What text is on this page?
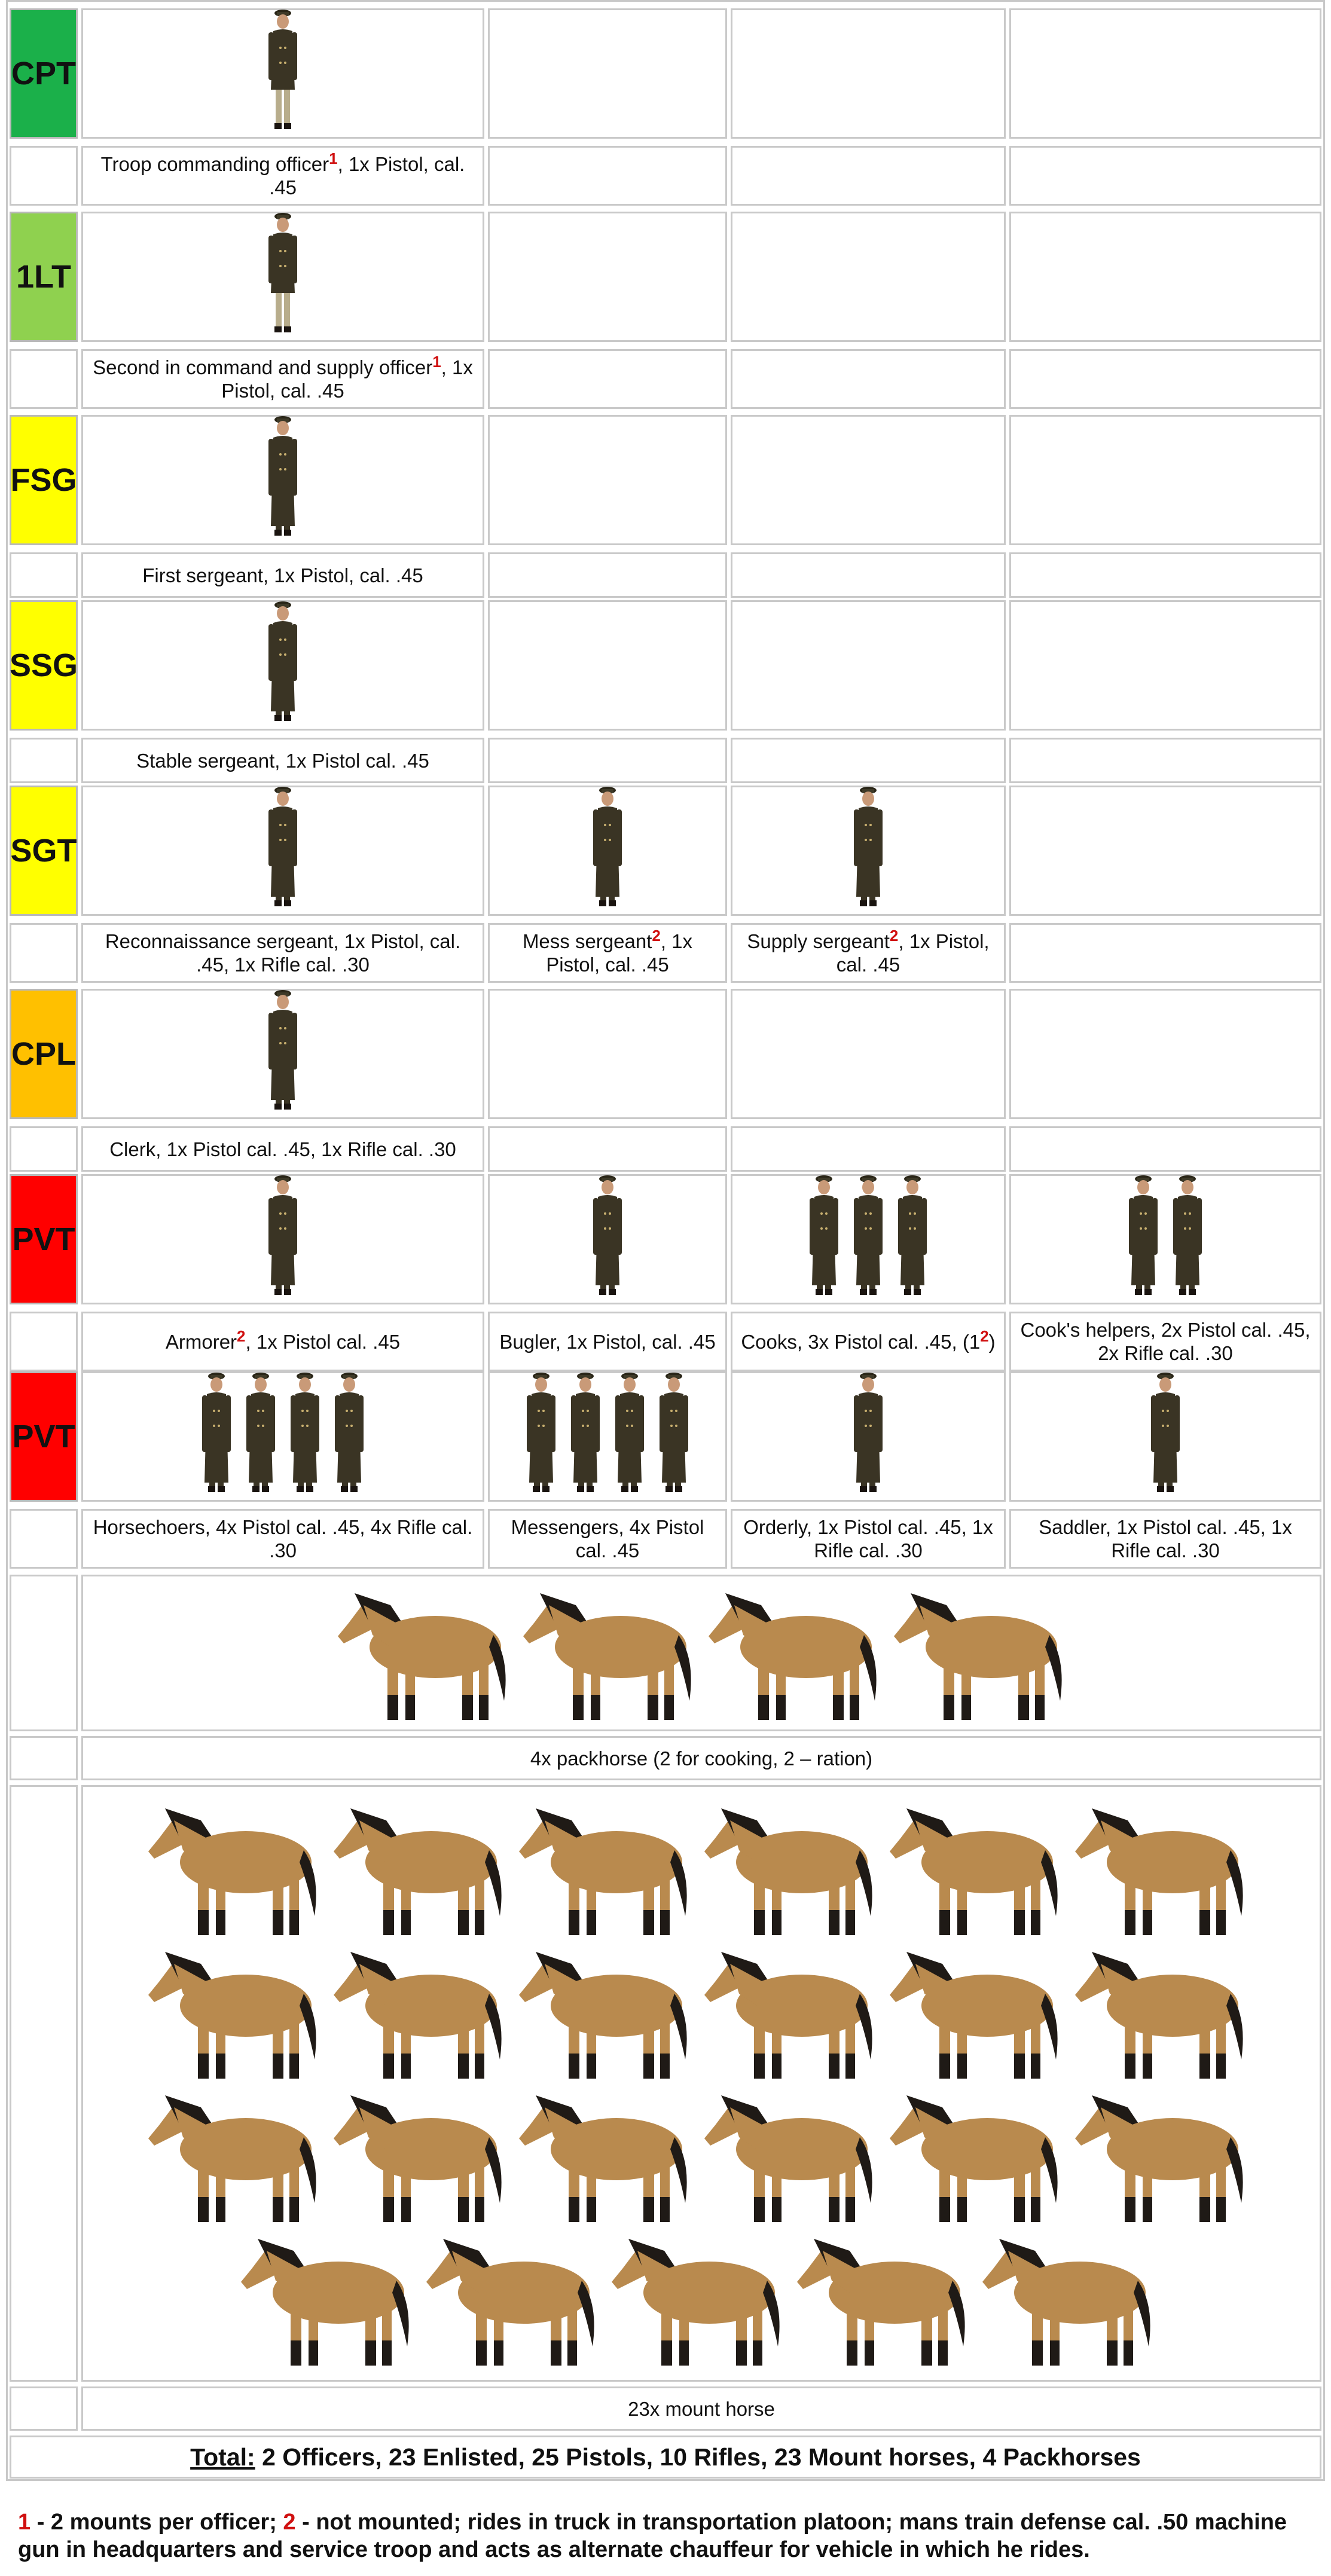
CPT
Troop commanding officer$^1$, 1x Pistol, cal. .45
1LT
Second in command and supply officer$^1$, 1x Pistol, cal. .45
FSG
First sergeant, 1x Pistol, cal. .45
SSG
Stable sergeant, 1x Pistol cal. .45
SGT
Reconnaissance sergeant, 1x Pistol, cal. .45, 1x Rifle cal. .30
Mess sergeant$^2$, 1x Pistol, cal. .45
Supply sergeant$^2$, 1x Pistol, cal. .45
CPL
Clerk, 1x Pistol cal. .45, 1x Rifle cal. .30
PVT
Armorer$^2$, 1x Pistol cal. .45	Bugler, 1x Pistol, cal. .45 Cooks, 3x Pistol cal. .45, $(1^2)$
Cook's helpers, 2x Pistol cal. .45, 2x Rifle cal. .30
PVT
Horsechoers, 4x Pistol cal. .45, 4x Rifle cal. .30
Messengers, 4x Pistol cal. .45
Orderly, 1x Pistol cal. .45, 1x Rifle cal. .30
Saddler, 1x Pistol cal. .45, 1x Rifle cal. .30
4x packhorse (2 for cooking, 2 – ration)
23x mount horse
Total: 2 Officers, 23 Enlisted, 25 Pistols, 10 Rifles, 23 Mount horses, 4 Packhorses
1 - 2 mounts per officer; 2 - not mounted; rides in truck in transportation platoon; mans train defense cal. .50 machine gun in headquarters and service troop and acts as alternate chauffeur for vehicle in which he rides.
